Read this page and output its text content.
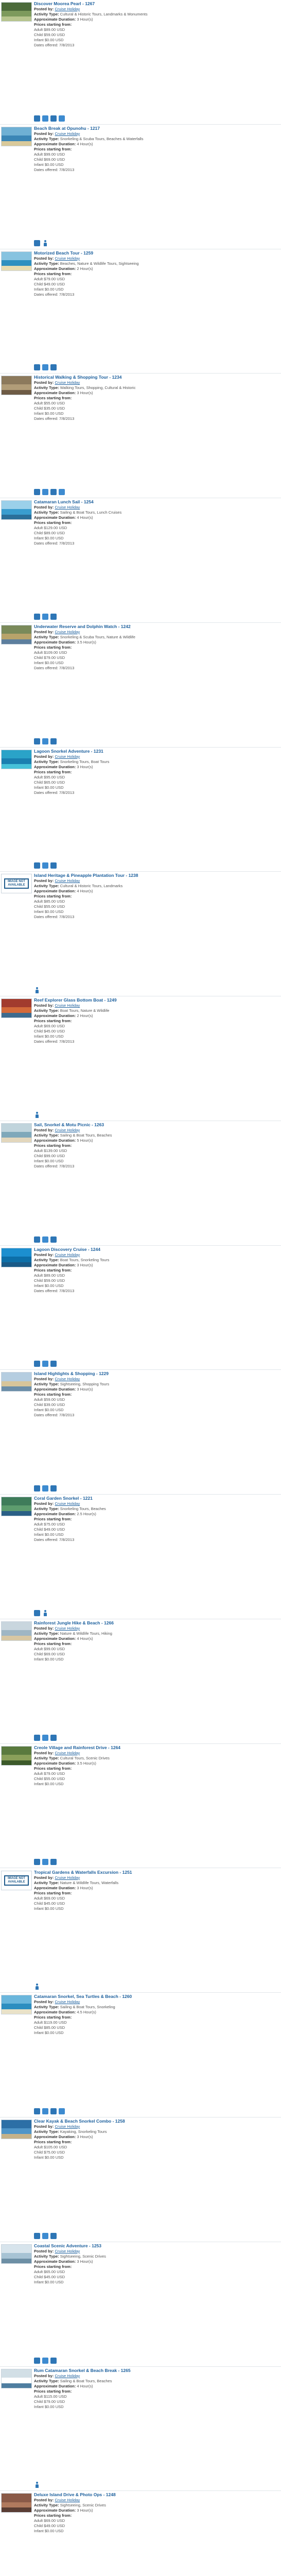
Discover Moorea Pearl - 1267
Posted by: Cruise Holiday
Activity Type: Cultural & Historic Tours, Landmarks & Monuments
Approximate Duration: 3 Hour(s)
Prices starting from:
Adult $89.00 USD
Child $59.00 USD
Infant $0.00 USD
Dates offered: 7/8/2013
Beach Break at Opunohu - 1217
Posted by: Cruise Holiday
Activity Type: Snorkeling & Scuba Tours, Beaches & Waterfalls
Approximate Duration: 4 Hour(s)
Prices starting from:
Adult $99.00 USD
Child $69.00 USD
Infant $0.00 USD
Dates offered: 7/8/2013
Motorized Beach Tour - 1259
Posted by: Cruise Holiday
Activity Type: Beaches, Nature & Wildlife Tours, Sightseeing
Approximate Duration: 2 Hour(s)
Prices starting from:
Adult $79.00 USD
Child $49.00 USD
Infant $0.00 USD
Dates offered: 7/8/2013
Historical Walking & Shopping Tour - 1234
Posted by: Cruise Holiday
Activity Type: Walking Tours, Shopping, Cultural & Historic
Approximate Duration: 3 Hour(s)
Prices starting from:
Adult $55.00 USD
Child $35.00 USD
Infant $0.00 USD
Dates offered: 7/8/2013
Catamaran Lunch Sail - 1254
Posted by: Cruise Holiday
Activity Type: Sailing & Boat Tours, Lunch Cruises
Approximate Duration: 4 Hour(s)
Prices starting from:
Adult $129.00 USD
Child $89.00 USD
Infant $0.00 USD
Dates offered: 7/8/2013
Underwater Reserve and Dolphin Watch - 1242
Posted by: Cruise Holiday
Activity Type: Snorkeling & Scuba Tours, Nature & Wildlife
Approximate Duration: 3.5 Hour(s)
Prices starting from:
Adult $109.00 USD
Child $79.00 USD
Infant $0.00 USD
Dates offered: 7/8/2013
Lagoon Snorkel Adventure - 1231
Posted by: Cruise Holiday
Activity Type: Snorkeling Tours, Boat Tours
Approximate Duration: 3 Hour(s)
Prices starting from:
Adult $95.00 USD
Child $65.00 USD
Infant $0.00 USD
Dates offered: 7/8/2013
IMAGE NOT AVAILABLE
Island Heritage & Pineapple Plantation Tour - 1238
Posted by: Cruise Holiday
Activity Type: Cultural & Historic Tours, Landmarks
Approximate Duration: 4 Hour(s)
Prices starting from:
Adult $85.00 USD
Child $55.00 USD
Infant $0.00 USD
Dates offered: 7/8/2013
Reef Explorer Glass Bottom Boat - 1249
Posted by: Cruise Holiday
Activity Type: Boat Tours, Nature & Wildlife
Approximate Duration: 2 Hour(s)
Prices starting from:
Adult $69.00 USD
Child $45.00 USD
Infant $0.00 USD
Dates offered: 7/8/2013
Sail, Snorkel & Motu Picnic - 1263
Posted by: Cruise Holiday
Activity Type: Sailing & Boat Tours, Beaches
Approximate Duration: 5 Hour(s)
Prices starting from:
Adult $139.00 USD
Child $99.00 USD
Infant $0.00 USD
Dates offered: 7/8/2013
Lagoon Discovery Cruise - 1244
Posted by: Cruise Holiday
Activity Type: Boat Tours, Snorkeling Tours
Approximate Duration: 3 Hour(s)
Prices starting from:
Adult $89.00 USD
Child $59.00 USD
Infant $0.00 USD
Dates offered: 7/8/2013
Island Highlights & Shopping - 1229
Posted by: Cruise Holiday
Activity Type: Sightseeing, Shopping Tours
Approximate Duration: 3 Hour(s)
Prices starting from:
Adult $59.00 USD
Child $39.00 USD
Infant $0.00 USD
Dates offered: 7/8/2013
Coral Garden Snorkel - 1221
Posted by: Cruise Holiday
Activity Type: Snorkeling Tours, Beaches
Approximate Duration: 2.5 Hour(s)
Prices starting from:
Adult $75.00 USD
Child $49.00 USD
Infant $0.00 USD
Dates offered: 7/8/2013
Rainforest Jungle Hike & Beach - 1266
Posted by: Cruise Holiday
Activity Type: Nature & Wildlife Tours, Hiking
Approximate Duration: 4 Hour(s)
Prices starting from:
Adult $99.00 USD
Child $69.00 USD
Infant $0.00 USD
Creole Village and Rainforest Drive - 1264
Posted by: Cruise Holiday
Activity Type: Cultural Tours, Scenic Drives
Approximate Duration: 3.5 Hour(s)
Prices starting from:
Adult $79.00 USD
Child $55.00 USD
Infant $0.00 USD
IMAGE NOT AVAILABLE
Tropical Gardens & Waterfalls Excursion - 1251
Posted by: Cruise Holiday
Activity Type: Nature & Wildlife Tours, Waterfalls
Approximate Duration: 3 Hour(s)
Prices starting from:
Adult $69.00 USD
Child $45.00 USD
Infant $0.00 USD
Catamaran Snorkel, Sea Turtles & Beach - 1260
Posted by: Cruise Holiday
Activity Type: Sailing & Boat Tours, Snorkeling
Approximate Duration: 4.5 Hour(s)
Prices starting from:
Adult $119.00 USD
Child $85.00 USD
Infant $0.00 USD
Clear Kayak & Beach Snorkel Combo - 1258
Posted by: Cruise Holiday
Activity Type: Kayaking, Snorkeling Tours
Approximate Duration: 3 Hour(s)
Prices starting from:
Adult $105.00 USD
Child $75.00 USD
Infant $0.00 USD
Coastal Scenic Adventure - 1253
Posted by: Cruise Holiday
Activity Type: Sightseeing, Scenic Drives
Approximate Duration: 3 Hour(s)
Prices starting from:
Adult $65.00 USD
Child $45.00 USD
Infant $0.00 USD
Rum Catamaran Snorkel & Beach Break - 1265
Posted by: Cruise Holiday
Activity Type: Sailing & Boat Tours, Beaches
Approximate Duration: 4 Hour(s)
Prices starting from:
Adult $115.00 USD
Child $79.00 USD
Infant $0.00 USD
Deluxe Island Drive & Photo Ops - 1248
Posted by: Cruise Holiday
Activity Type: Sightseeing, Scenic Drives
Approximate Duration: 3 Hour(s)
Prices starting from:
Adult $69.00 USD
Child $49.00 USD
Infant $0.00 USD
